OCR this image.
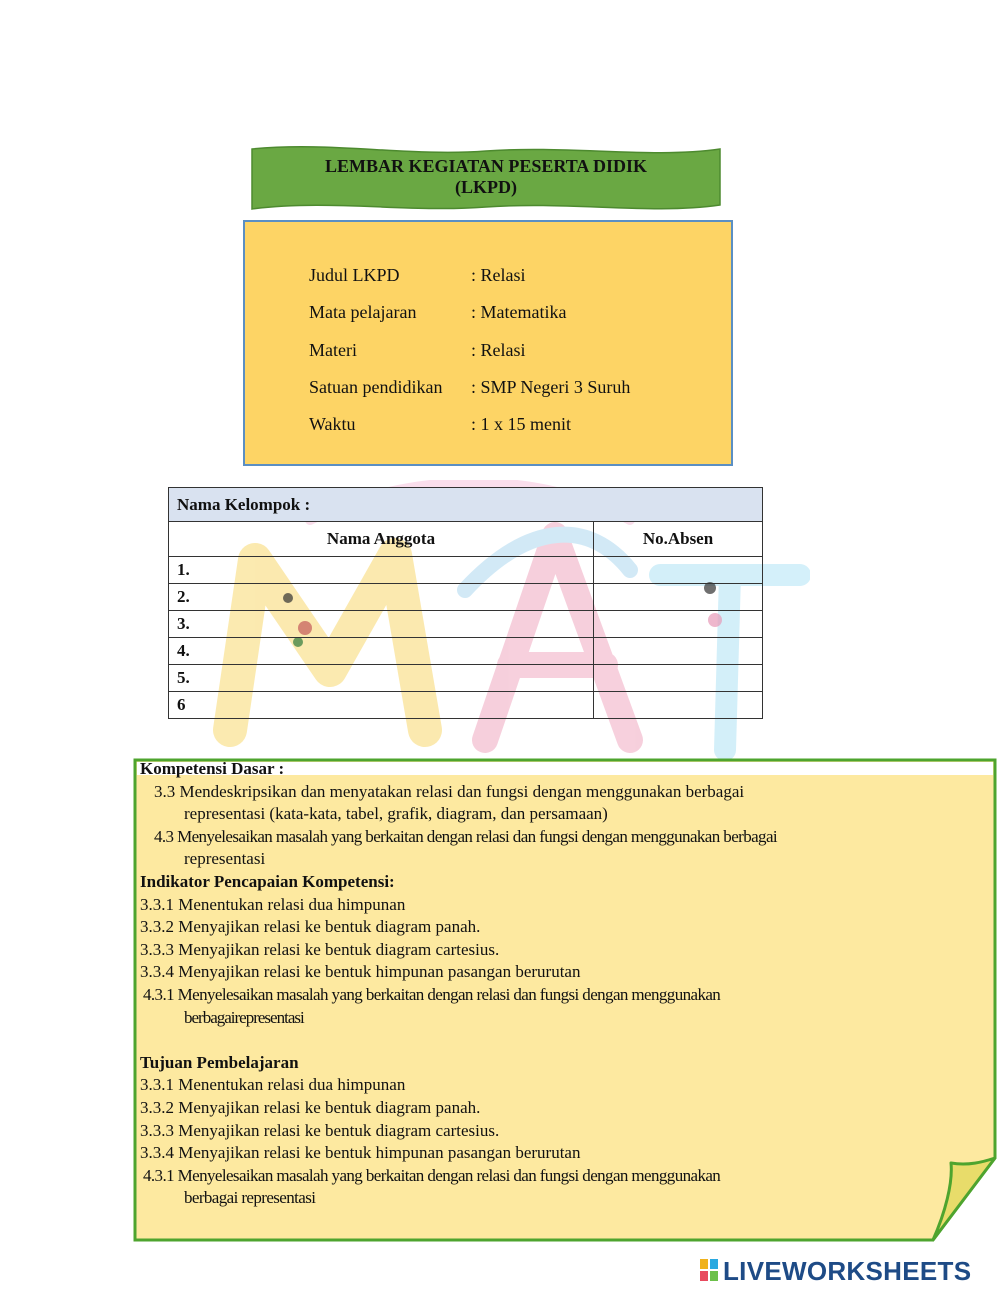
LEMBAR KEGIATAN PESERTA DIDIK
(LKPD)
Judul LKPD	: Relasi
Mata pelajaran	: Matematika
Materi	: Relasi
Satuan pendidikan : SMP Negeri 3 Suruh
Waktu	: 1 x 15 menit
Nama Kelompok :	
Nama Anggota	No.Absen
1.	
2.	
3.	
4.	
5.	
6	
Kompetensi Dasar :
3.3 Mendeskripsikan dan menyatakan relasi dan fungsi dengan menggunakan berbagai
representasi (kata-kata, tabel, grafik, diagram, dan persamaan)
4.3 Menyelesaikan masalah yang berkaitan dengan relasi dan fungsi dengan menggunakan berbagai
representasi
Indikator Pencapaian Kompetensi:
3.3.1 Menentukan relasi dua himpunan
3.3.2 Menyajikan relasi ke bentuk diagram panah.
3.3.3 Menyajikan relasi ke bentuk diagram cartesius.
3.3.4 Menyajikan relasi ke bentuk himpunan pasangan berurutan
4.3.1 Menyelesaikan masalah yang berkaitan dengan relasi dan fungsi dengan menggunakan
berbagairepresentasi
Tujuan Pembelajaran
3.3.1 Menentukan relasi dua himpunan
3.3.2 Menyajikan relasi ke bentuk diagram panah.
3.3.3 Menyajikan relasi ke bentuk diagram cartesius.
3.3.4 Menyajikan relasi ke bentuk himpunan pasangan berurutan
4.3.1 Menyelesaikan masalah yang berkaitan dengan relasi dan fungsi dengan menggunakan
berbagai representasi
LIVEWORKSHEETS
